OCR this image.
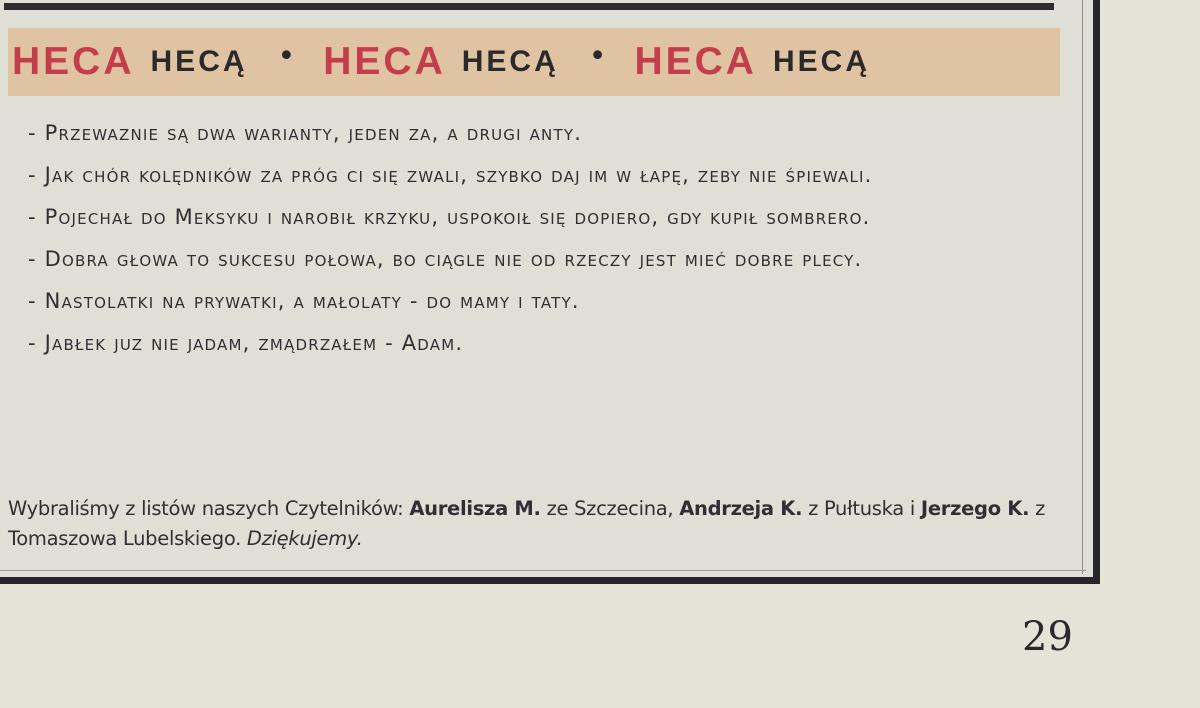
HECA HECĄ • HECA HECĄ • HECA HECĄ
- Przewaznie są dwa warianty, jeden za, a drugi anty.
- Jak chór kolędników za próg ci się zwali, szybko daj im w łapę, zeby nie śpiewali.
- Pojechał do Meksyku i narobił krzyku, uspokoił się dopiero, gdy kupił sombrero.
- Dobra głowa to sukcesu połowa, bo ciągle nie od rzeczy jest mieć dobre plecy.
- Nastolatki na prywatki, a małolaty - do mamy i taty.
- Jabłek juz nie jadam, zmądrzałem - Adam.
Wybraliśmy z listów naszych Czytelników: Aurelisza M. ze Szczecina, Andrzeja K. z Pułtuska i Jerzego K. z Tomaszowa Lubelskiego. Dziękujemy.
29
